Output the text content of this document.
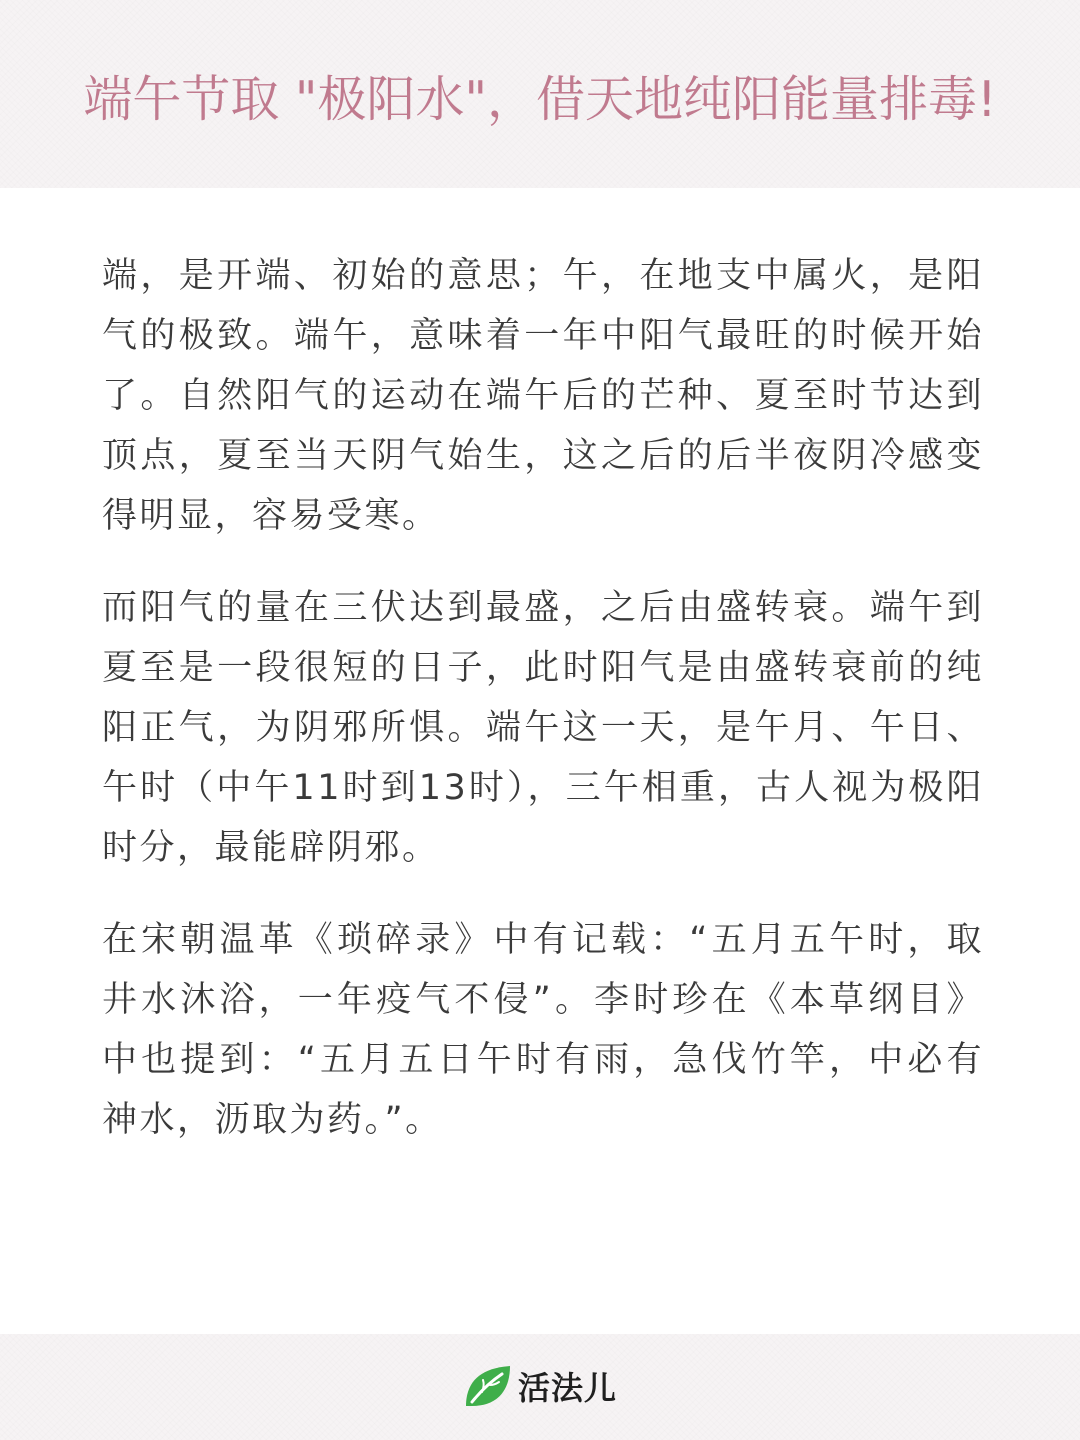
端午节取 "极阳水"，借天地纯阳能量排毒!

端，是开端、初始的意思；午，在地支中属火，是阳气的极致。端午，意味着一年中阳气最旺的时候开始了。自然阳气的运动在端午后的芒种、夏至时节达到顶点，夏至当天阴气始生，这之后的后半夜阴冷感变得明显，容易受寒。

而阳气的量在三伏达到最盛，之后由盛转衰。端午到夏至是一段很短的日子，此时阳气是由盛转衰前的纯阳正气，为阴邪所惧。端午这一天，是午月、午日、午时（中午11时到13时），三午相重，古人视为极阳时分，最能辟阴邪。

在宋朝温革《琐碎录》中有记载：“五月五午时，取井水沐浴，一年疫气不侵”。李时珍在《本草纲目》中也提到：“五月五日午时有雨，急伐竹竿，中必有神水，沥取为药。”。

活法儿
